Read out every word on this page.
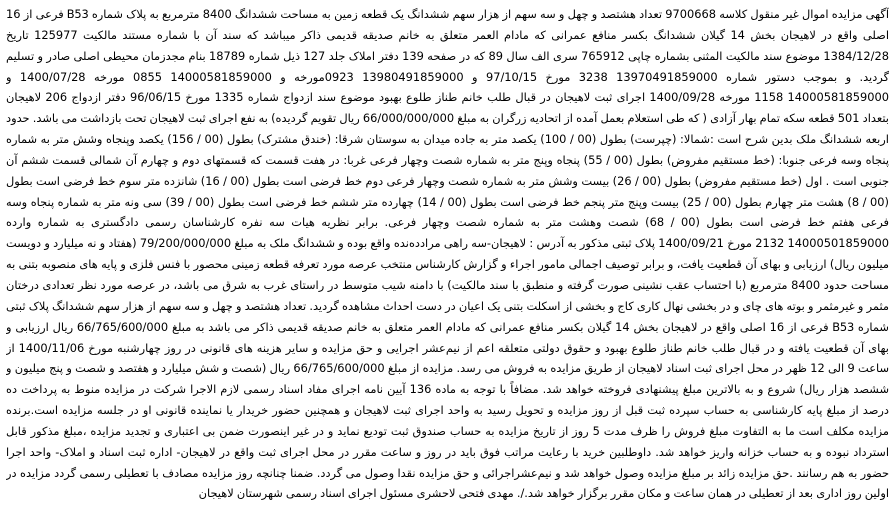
آگهی مزایده اموال غیر منقول کلاسه 9700668 تعداد هشتصد و چهل و سه سهم از هزار سهم ششدانگ یک قطعه زمین به مساحت ششدانگ 8400 مترمربع به پلاک شماره B53 فرعی از 16 اصلی واقع در لاهیجان بخش 14 گیلان ششدانگ بکسر منافع عمرانی که مادام العمر متعلق به خانم صدیقه قدیمی ذاکر میباشد که سند آن با شماره مستند مالکیت 125977 تاریخ 1384/12/28 موضوع سند مالکیت المثنی بشماره چاپی 765912 سری الف سال 89 که در صفحه 139 دفتر املاک جلد 127 ذیل شماره 18789 بنام مجدزمان محیطی اصلی صادر و تسلیم گردید. و بموجب دستور شماره 13970491859000 3238 مورخ 97/10/15 و 13980491859000 0923مورخه و 14000581859000 0855 مورخه 1400/07/28 و 14000581859000 1158 مورخه 1400/09/28 اجرای ثبت لاهیجان در قبال طلب خانم طناز طلوع بهبود موضوع سند ازدواج شماره 1335 مورخ 96/06/15 دفتر ازدواج 206 لاهیجان بتعداد 501 قطعه سکه تمام بهار آزادی ( که طی استعلام بعمل آمده از اتحادیه زرگران به مبلغ 66/000/000/000 ریال تقویم گردیده) به نفع اجرای ثبت لاهیجان تحت بازداشت می باشد. حدود اربعه ششدانگ ملک بدین شرح است :شمالا: (چپرست) بطول (00 / 100) یکصد متر به جاده میدان به سوستان شرقا: (خندق مشترک) بطول (00 / 156) یکصد وپنجاه وشش متر به شماره پنجاه وسه فرعی جنوبا: (خط مستقیم مفروض) بطول (00 / 55) پنجاه وپنج متر به شماره شصت وچهار فرعی غربا: در هفت قسمت که قسمتهای دوم و چهارم آن شمالی قسمت ششم آن جنوبی است . اول (خط مستقیم مفروض) بطول (00 / 26) بیست وشش متر به شماره شصت وچهار فرعی دوم خط فرضی است بطول (00 / 16) شانزده متر سوم خط فرضی است بطول (00 / 8) هشت متر چهارم بطول (00 / 25) بیست وپنج متر پنجم خط فرضی است بطول (00 / 14) چهارده متر ششم خط فرضی است بطول (00 / 39) سی ونه متر به شماره پنجاه وسه فرعی هفتم خط فرضی است بطول (00 / 68) شصت وهشت متر به شماره شصت وچهار فرعی. برابر نظریه هیات سه نفره کارشناسان رسمی دادگستری به شماره وارده 14000501859000 2132 مورخ 1400/09/21 پلاک ثبتی مذکور به آدرس : لاهیجان-سه راهی مرادده‌نده واقع بوده و ششدانگ ملک به مبلغ 79/200/000/000 (هفتاد و نه میلیارد و دویست میلیون ریال) ارزیابی و بهای آن قطعیت یافت، و برابر توصیف اجمالی مامور اجراء و گزارش کارشناس منتخب عرصه مورد تعرفه قطعه زمینی محصور با فنس فلزی و پایه های منصوبه بتنی به مساحت حدود 8400 مترمربع (با احتساب عقب نشینی صورت گرفته و منطبق با سند مالکیت) با دامنه شیب متوسط در راستای غرب به شرق می باشد، در عرصه مورد نظر تعدادی درختان مثمر و غیرمثمر و بوته های چای و در بخشی نهال کاری کاج و بخشی از اسکلت بتنی یک اعیان در دست احداث مشاهده گردید. تعداد هشتصد و چهل و سه سهم از هزار سهم ششدانگ پلاک ثبتی شماره B53 فرعی از 16 اصلی واقع در لاهیجان بخش 14 گیلان بکسر منافع عمرانی که مادام العمر متعلق به خانم صدیقه قدیمی ذاکر می باشد به مبلغ 66/765/600/000 ریال ارزیابی و بهای آن قطعیت یافته و در قبال طلب خانم طناز طلوع بهبود و حقوق دولتی متعلقه اعم از نیم‌عشر اجرایی و حق مزایده و سایر هزینه های قانونی در روز چهارشنبه مورخ 1400/11/06 از ساعت 9 الی 12 ظهر در محل اجرای ثبت اسناد لاهیجان از طریق مزایده به فروش می رسد. مزایده از مبلغ 66/765/600/000 ریال (شصت و شش میلیارد و هفتصد و شصت و پنج میلیون و ششصد هزار ریال) شروع و به بالاترین مبلغ پیشنهادی فروخته خواهد شد. مضافاً با توجه به ماده 136 آیین نامه اجرای مفاد اسناد رسمی لازم الاجرا شرکت در مزایده منوط به پرداخت ده درصد از مبلغ پایه کارشناسی به حساب سپرده ثبت قبل از روز مزایده و تحویل رسید به واحد اجرای ثبت لاهیجان و همچنین حضور خریدار یا نماینده قانونی او در جلسه مزایده است.برنده مزایده مکلف است ما به التفاوت مبلغ فروش را ظرف مدت 5 روز از تاریخ مزایده به حساب صندوق ثبت تودیع نماید و در غیر اینصورت ضمن بی اعتباری و تجدید مزایده ،مبلغ مذکور قابل استرداد نبوده و به حساب خزانه واریز خواهد شد. داوطلبین خرید با رعایت مراتب فوق باید در روز و ساعت مقرر در محل اجرای ثبت واقع در لاهیجان- اداره ثبت اسناد و املاک- واحد اجرا حضور به هم رسانند .حق مزایده زائد بر مبلغ مزایده وصول خواهد شد و نیم‌عشراجرائی و حق مزایده نقدا وصول می گردد. ضمنا چنانچه روز مزایده مصادف با تعطیلی رسمی گردد مزایده در اولین روز اداری بعد از تعطیلی در همان ساعت و مکان مقرر برگزار خواهد شد./. مهدی فتحی لاحشری مسئول اجرای اسناد رسمی شهرستان لاهیجان
